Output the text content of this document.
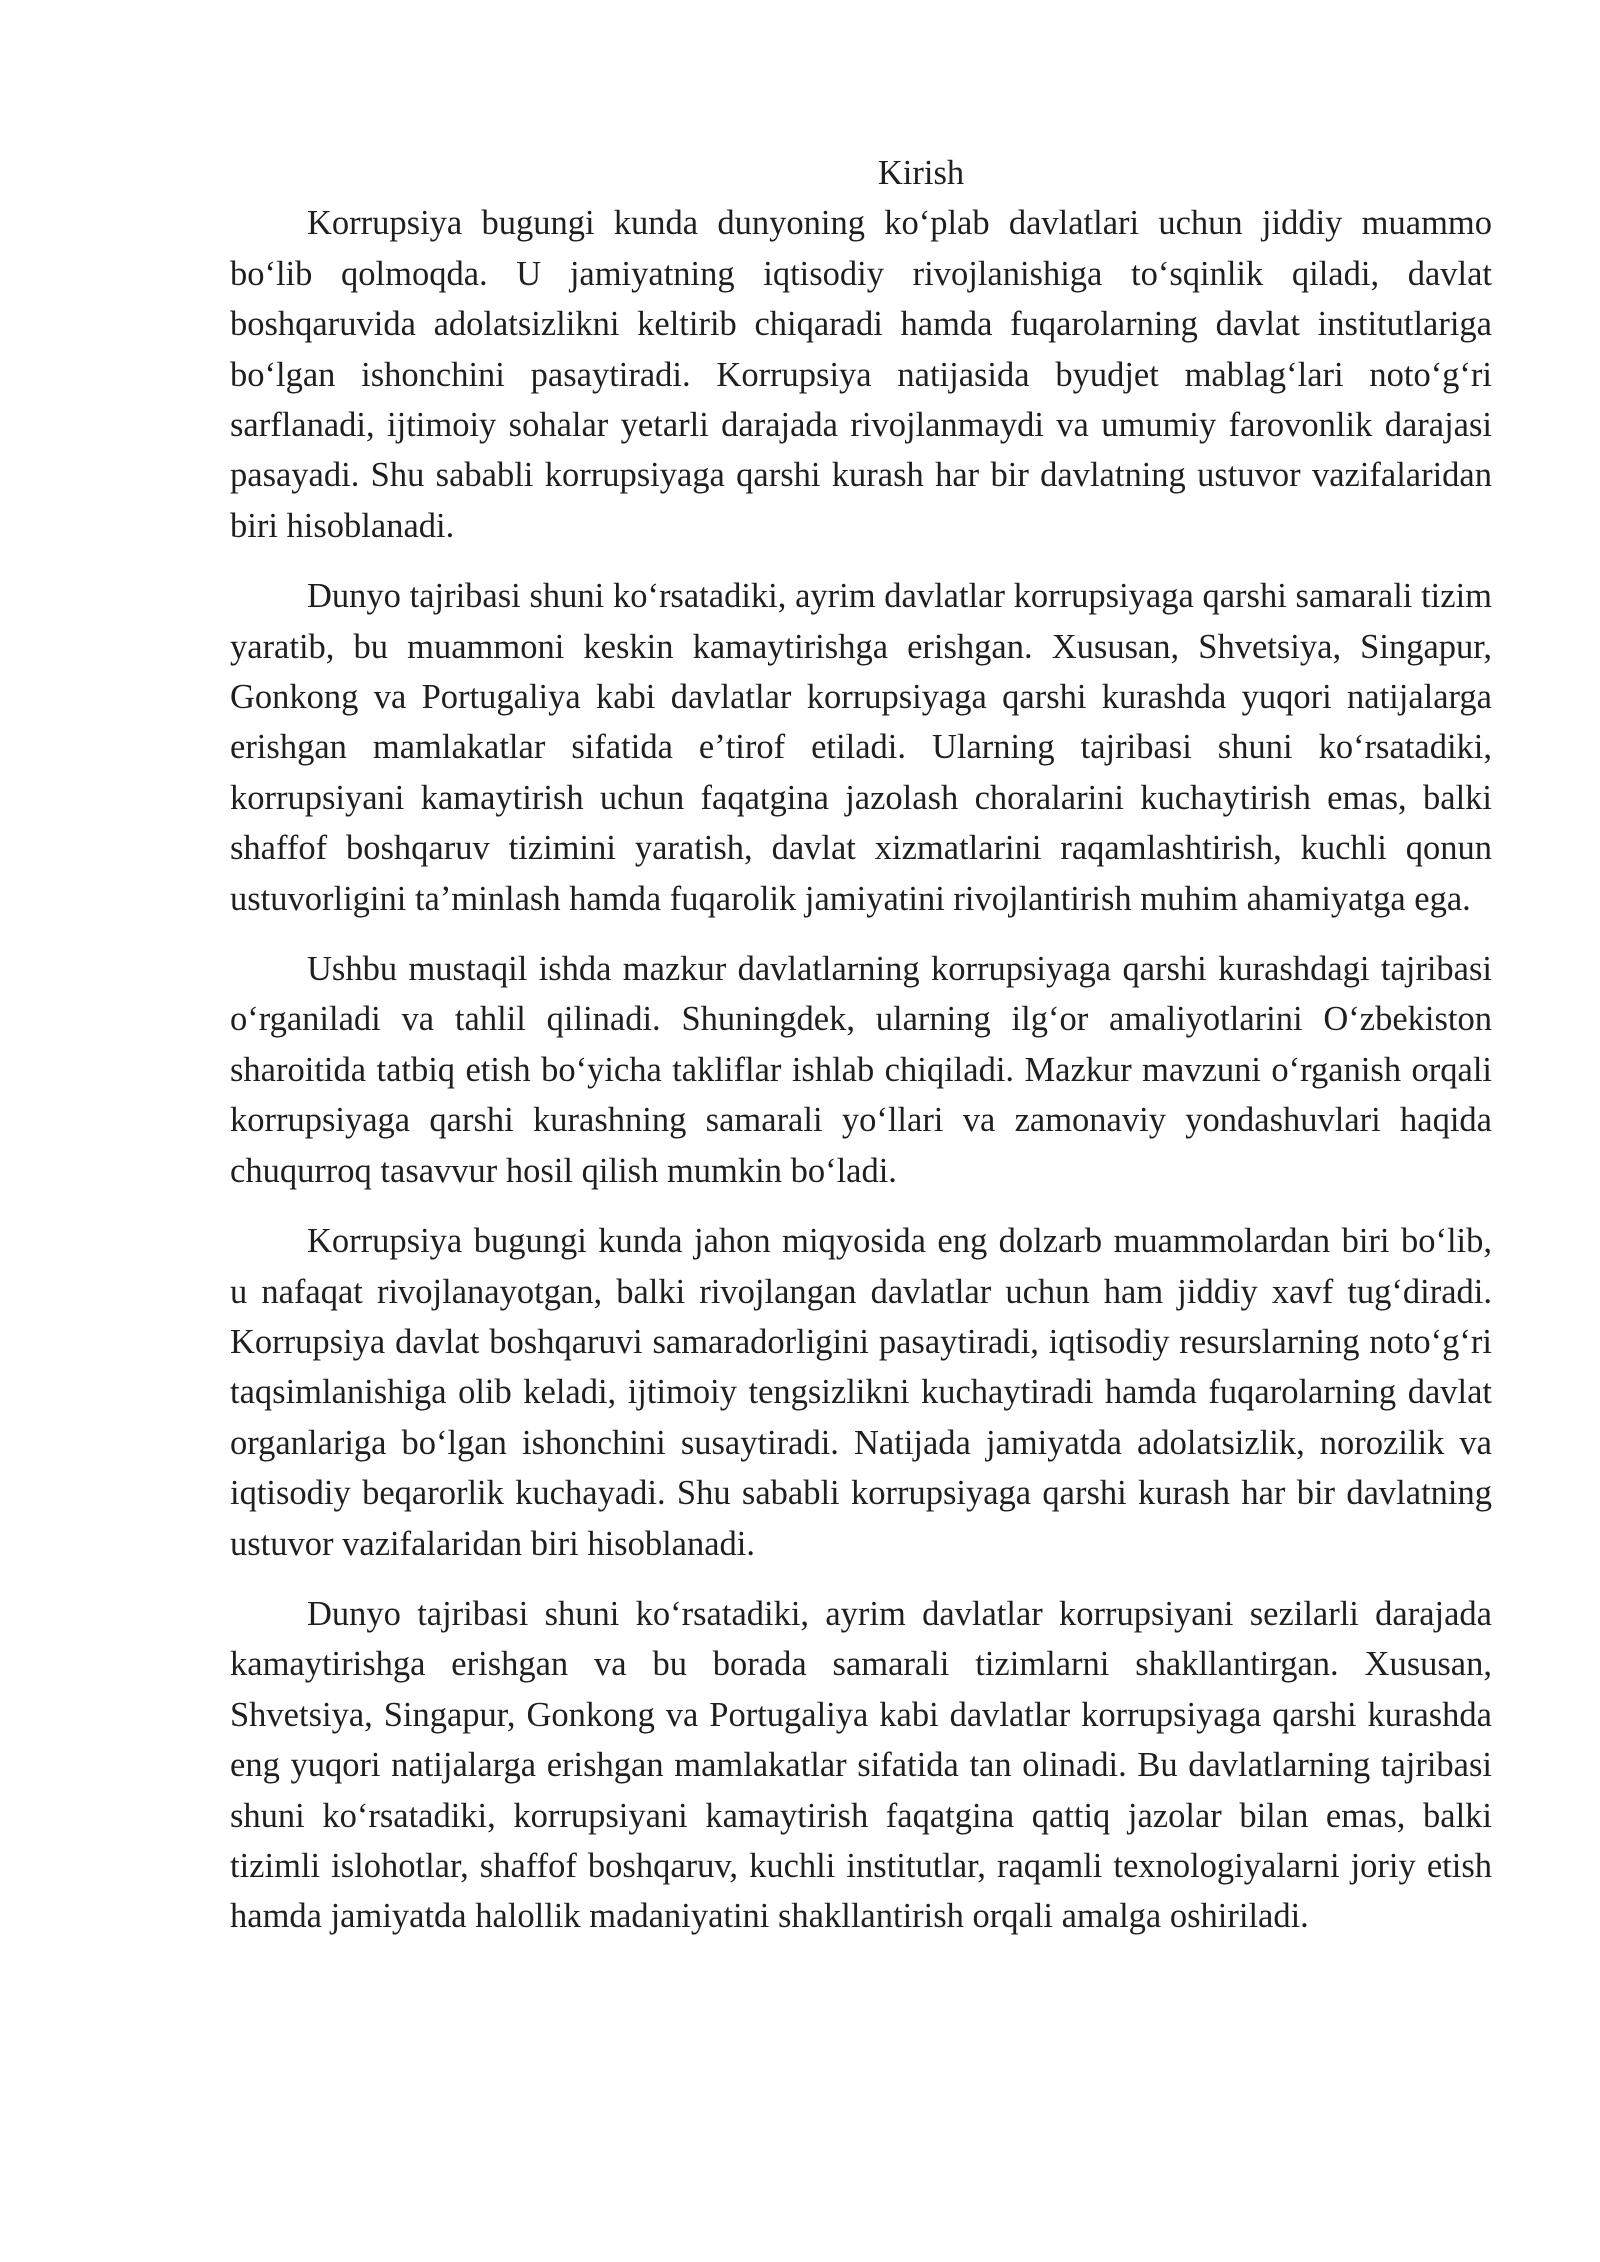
Kirish

Korrupsiya bugungi kunda dunyoning koʻplab davlatlari uchun jiddiy muammo boʻlib qolmoqda. U jamiyatning iqtisodiy rivojlanishiga toʻsqinlik qiladi, davlat boshqaruvida adolatsizlikni keltirib chiqaradi hamda fuqarolarning davlat institutlariga boʻlgan ishonchini pasaytiradi. Korrupsiya natijasida byudjet mablagʻlari notoʻgʻri sarflanadi, ijtimoiy sohalar yetarli darajada rivojlanmaydi va umumiy farovonlik darajasi pasayadi. Shu sababli korrupsiyaga qarshi kurash har bir davlatning ustuvor vazifalaridan biri hisoblanadi.

Dunyo tajribasi shuni koʻrsatadiki, ayrim davlatlar korrupsiyaga qarshi samarali tizim yaratib, bu muammoni keskin kamaytirishga erishgan. Xususan, Shvetsiya, Singapur, Gonkong va Portugaliya kabi davlatlar korrupsiyaga qarshi kurashda yuqori natijalarga erishgan mamlakatlar sifatida eʼtirof etiladi. Ularning tajribasi shuni koʻrsatadiki, korrupsiyani kamaytirish uchun faqatgina jazolash choralarini kuchaytirish emas, balki shaffof boshqaruv tizimini yaratish, davlat xizmatlarini raqamlashtirish, kuchli qonun ustuvorligini taʼminlash hamda fuqarolik jamiyatini rivojlantirish muhim ahamiyatga ega.

Ushbu mustaqil ishda mazkur davlatlarning korrupsiyaga qarshi kurashdagi tajribasi oʻrganiladi va tahlil qilinadi. Shuningdek, ularning ilgʻor amaliyotlarini Oʻzbekiston sharoitida tatbiq etish boʻyicha takliflar ishlab chiqiladi. Mazkur mavzuni oʻrganish orqali korrupsiyaga qarshi kurashning samarali yoʻllari va zamonaviy yondashuvlari haqida chuqurroq tasavvur hosil qilish mumkin boʻladi.

Korrupsiya bugungi kunda jahon miqyosida eng dolzarb muammolardan biri boʻlib, u nafaqat rivojlanayotgan, balki rivojlangan davlatlar uchun ham jiddiy xavf tugʻdiradi. Korrupsiya davlat boshqaruvi samaradorligini pasaytiradi, iqtisodiy resurslarning notoʻgʻri taqsimlanishiga olib keladi, ijtimoiy tengsizlikni kuchaytiradi hamda fuqarolarning davlat organlariga boʻlgan ishonchini susaytiradi. Natijada jamiyatda adolatsizlik, norozilik va iqtisodiy beqarorlik kuchayadi. Shu sababli korrupsiyaga qarshi kurash har bir davlatning ustuvor vazifalaridan biri hisoblanadi.

Dunyo tajribasi shuni koʻrsatadiki, ayrim davlatlar korrupsiyani sezilarli darajada kamaytirishga erishgan va bu borada samarali tizimlarni shakllantirgan. Xususan, Shvetsiya, Singapur, Gonkong va Portugaliya kabi davlatlar korrupsiyaga qarshi kurashda eng yuqori natijalarga erishgan mamlakatlar sifatida tan olinadi. Bu davlatlarning tajribasi shuni koʻrsatadiki, korrupsiyani kamaytirish faqatgina qattiq jazolar bilan emas, balki tizimli islohotlar, shaffof boshqaruv, kuchli institutlar, raqamli texnologiyalarni joriy etish hamda jamiyatda halollik madaniyatini shakllantirish orqali amalga oshiriladi.
